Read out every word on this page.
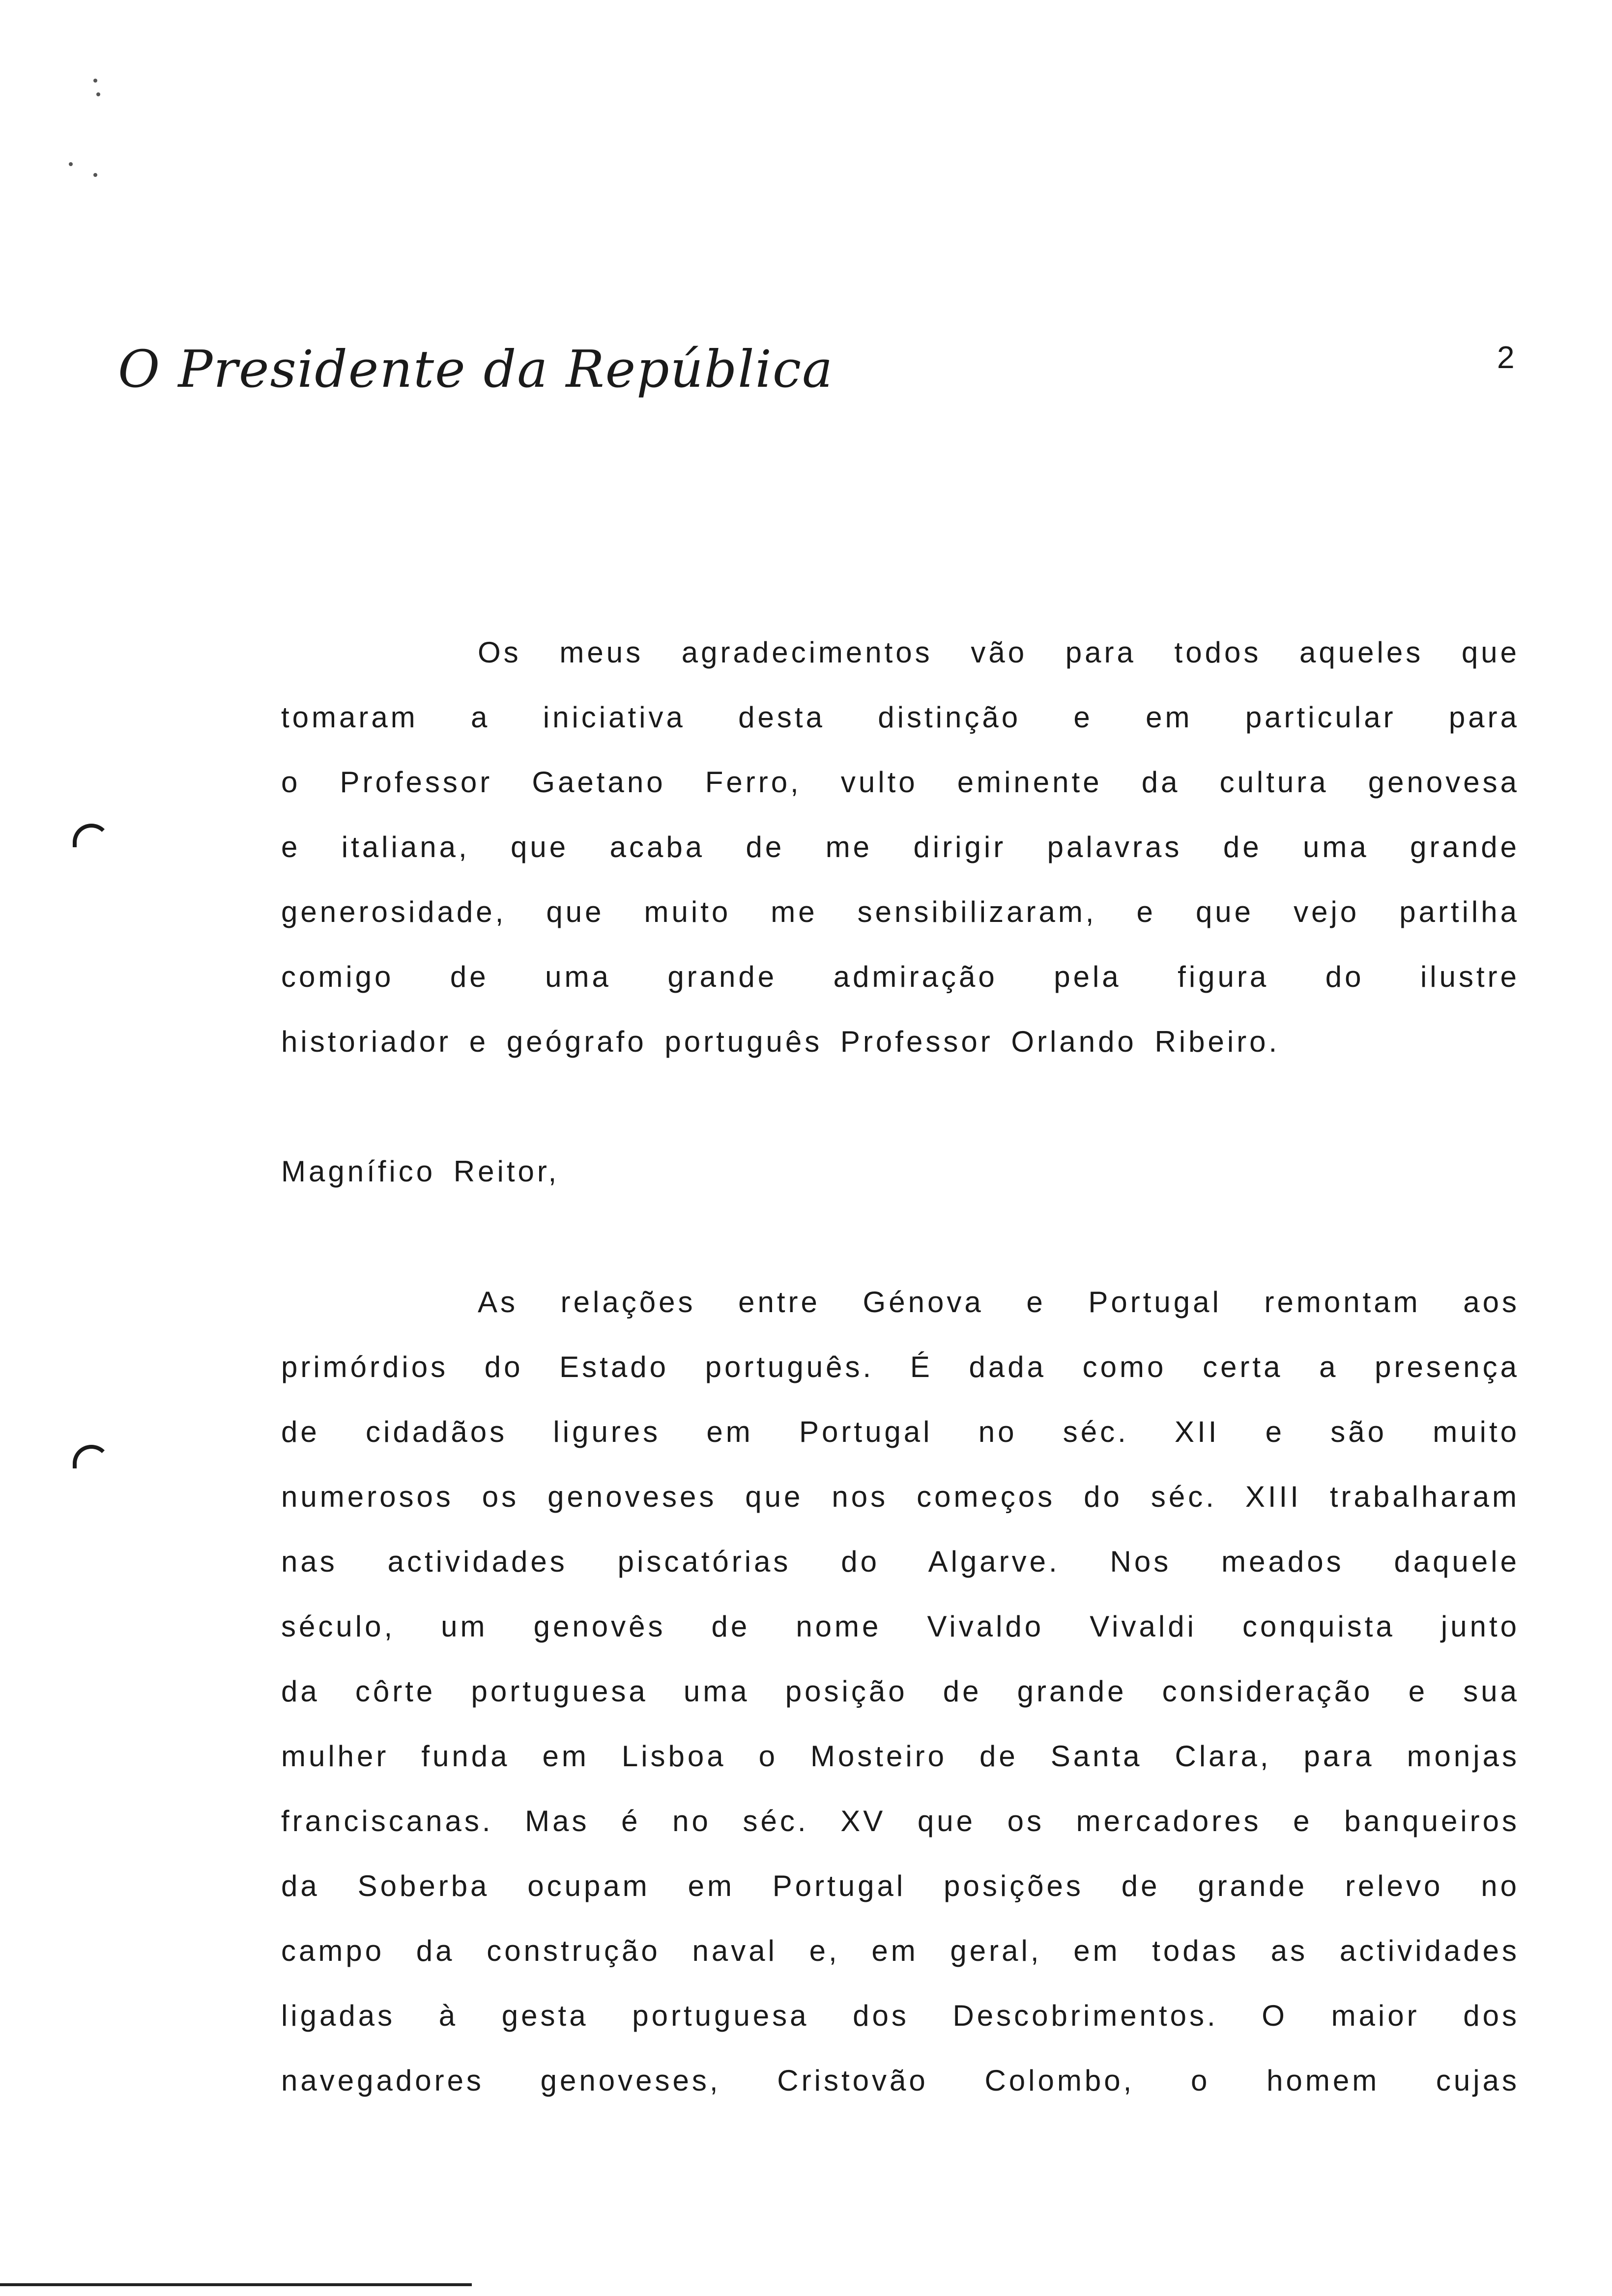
O Presidente da República	2
Os meus agradecimentos vão para todos aqueles que
tomaram a iniciativa desta distinção e em particular para
o Professor Gaetano Ferro, vulto eminente da cultura genovesa
e italiana, que acaba de me dirigir palavras de uma grande
generosidade, que muito me sensibilizaram, e que vejo partilha
comigo de uma grande admiração pela figura do ilustre
historiador e geógrafo português Professor Orlando Ribeiro.
Magnífico Reitor,
As relações entre Génova e Portugal remontam aos
primórdios do Estado português. É dada como certa a presença
de cidadãos ligures em Portugal no séc. XII e são muito
numerosos os genoveses que nos começos do séc. XIII trabalharam
nas actividades piscatórias do Algarve. Nos meados daquele
século, um genovês de nome Vivaldo Vivaldi conquista junto
da côrte portuguesa uma posição de grande consideração e sua
mulher funda em Lisboa o Mosteiro de Santa Clara, para monjas
franciscanas. Mas é no séc. XV que os mercadores e banqueiros
da Soberba ocupam em Portugal posições de grande relevo no
campo da construção naval e, em geral, em todas as actividades
ligadas à gesta portuguesa dos Descobrimentos. O maior dos
navegadores genoveses, Cristovão Colombo, o homem cujas
